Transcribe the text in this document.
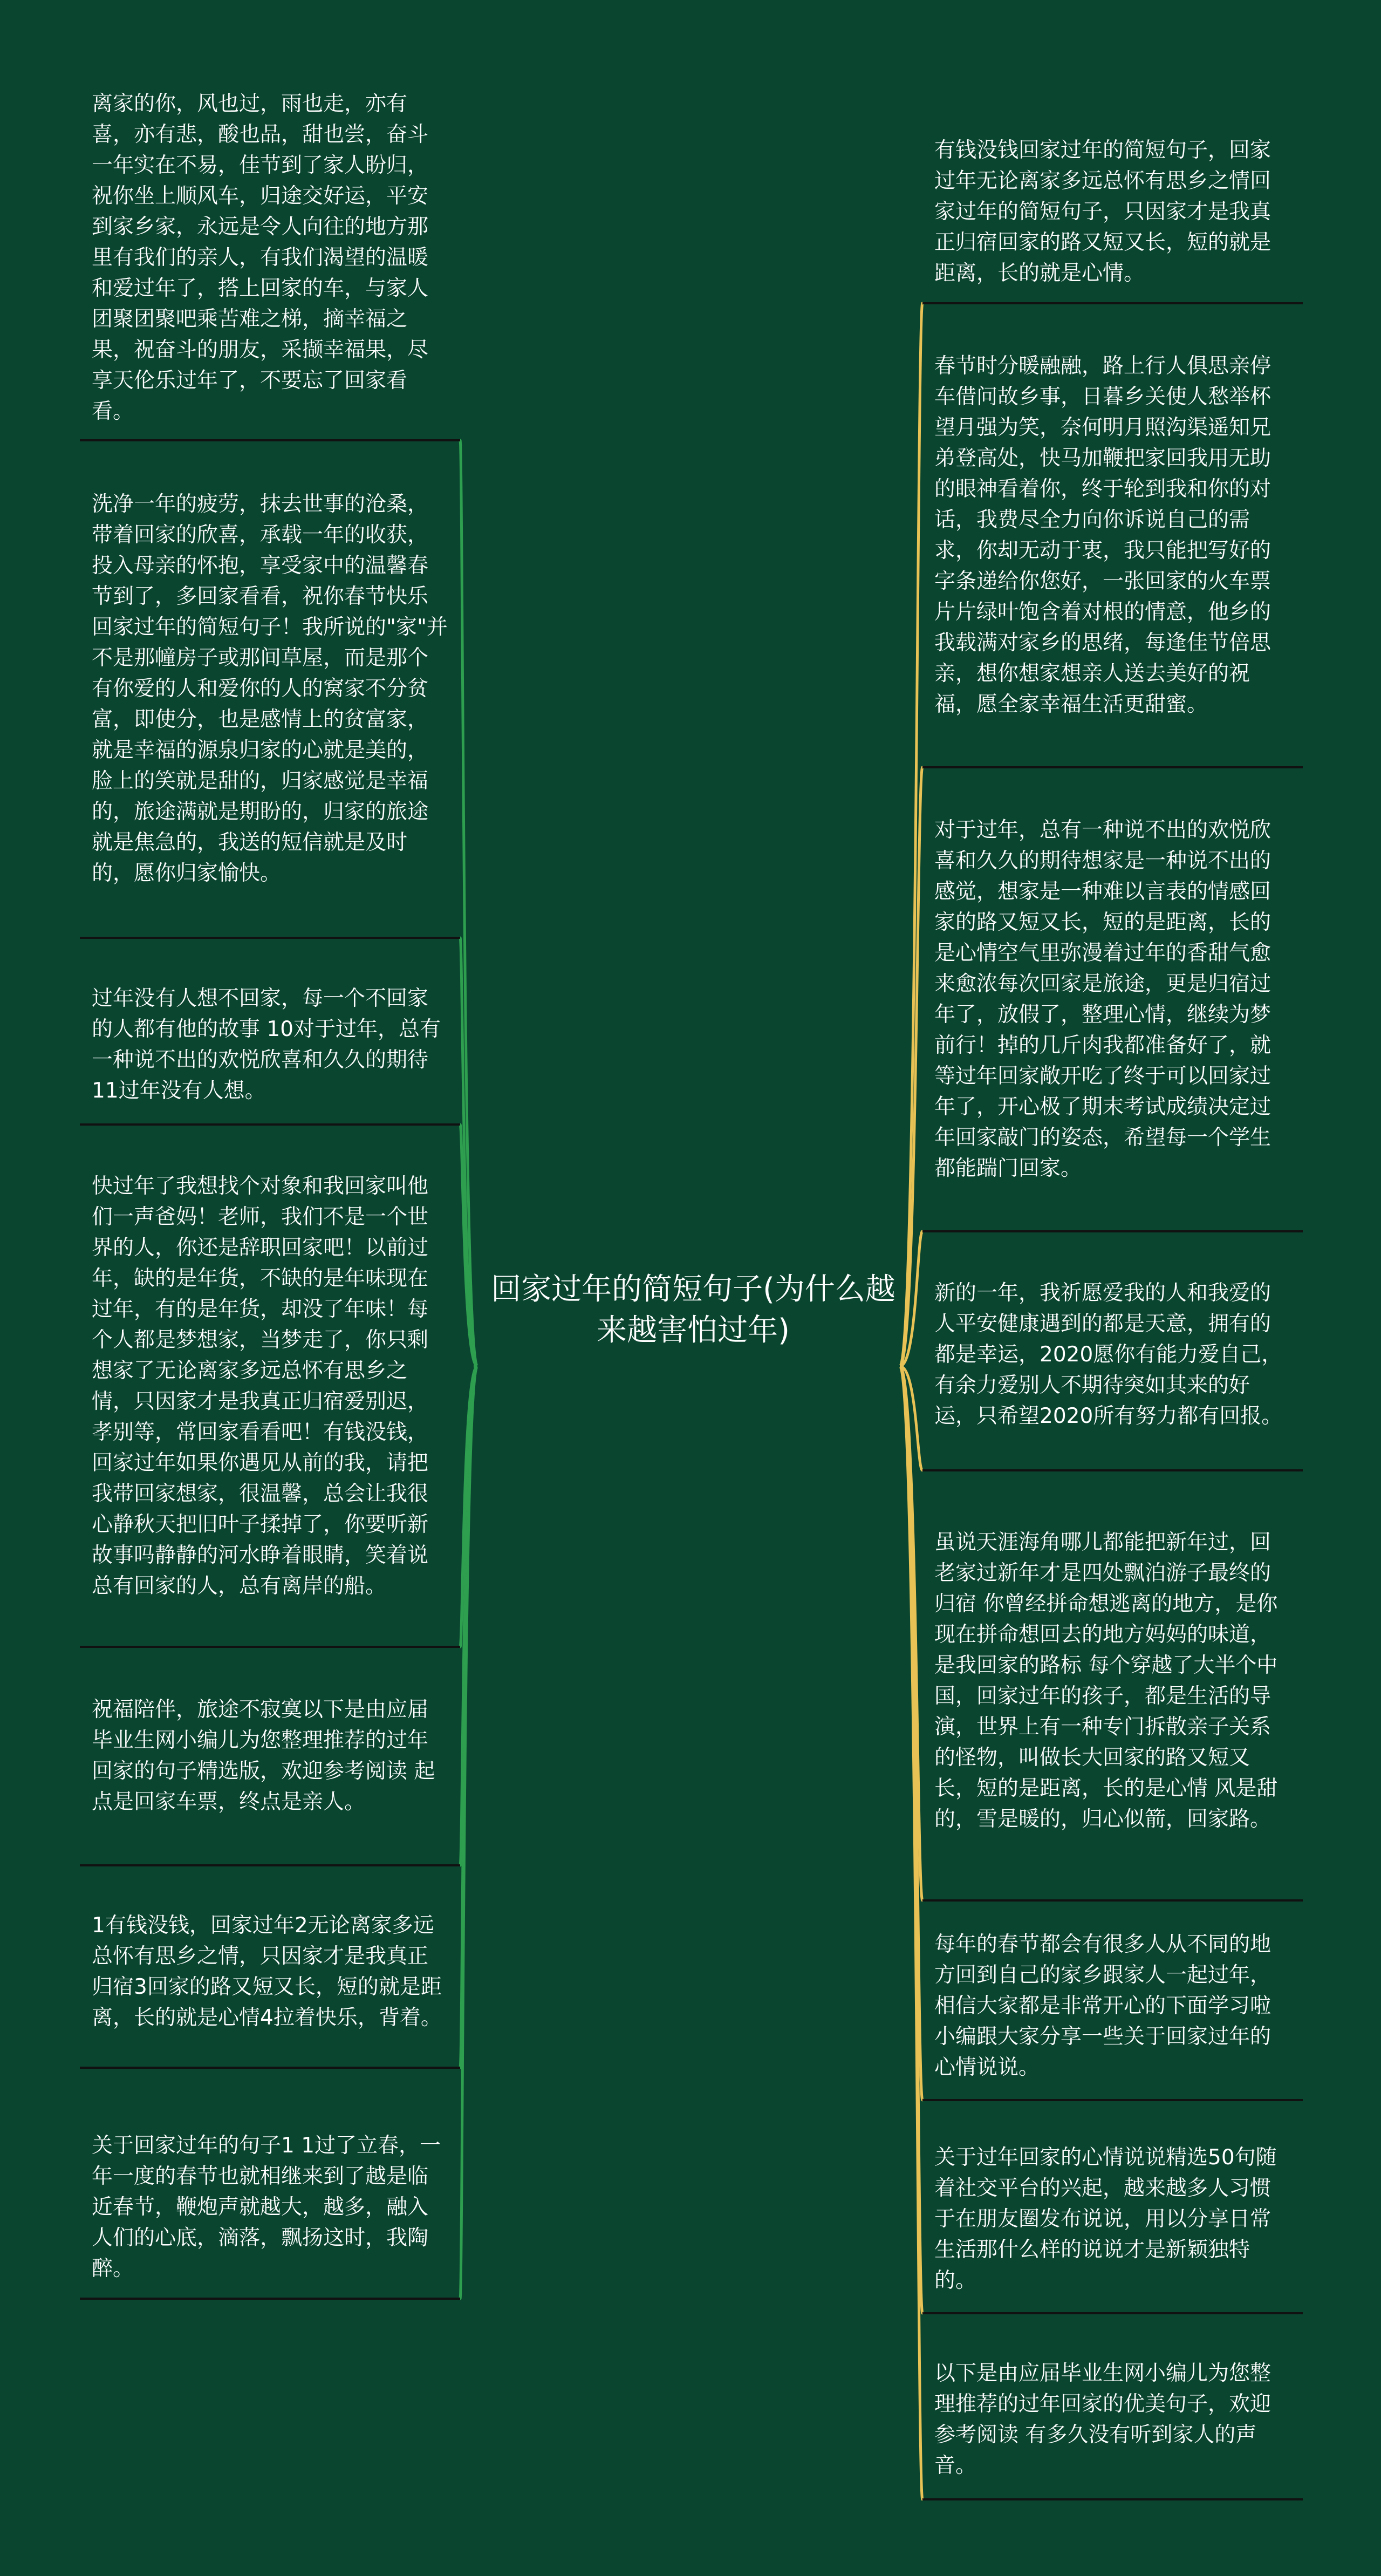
回家过年的简短句子(为什么越来越害怕过年)
离家的你，风也过，雨也走，亦有喜，亦有悲，酸也品，甜也尝，奋斗一年实在不易，佳节到了家人盼归，祝你坐上顺风车，归途交好运，平安到家乡家，永远是令人向往的地方那里有我们的亲人，有我们渴望的温暖和爱过年了，搭上回家的车，与家人团聚团聚吧乘苦难之梯，摘幸福之果，祝奋斗的朋友，采撷幸福果，尽享天伦乐过年了，不要忘了回家看看。
洗净一年的疲劳，抹去世事的沧桑，带着回家的欣喜，承载一年的收获，投入母亲的怀抱，享受家中的温馨春节到了，多回家看看，祝你春节快乐回家过年的简短句子！我所说的"家"并不是那幢房子或那间草屋，而是那个有你爱的人和爱你的人的窝家不分贫富，即使分，也是感情上的贫富家，就是幸福的源泉归家的心就是美的，脸上的笑就是甜的，归家感觉是幸福的，旅途满就是期盼的，归家的旅途就是焦急的，我送的短信就是及时的，愿你归家愉快。
过年没有人想不回家，每一个不回家的人都有他的故事 10对于过年，总有一种说不出的欢悦欣喜和久久的期待 11过年没有人想。
快过年了我想找个对象和我回家叫他们一声爸妈！老师，我们不是一个世界的人，你还是辞职回家吧！以前过年，缺的是年货，不缺的是年味现在过年，有的是年货，却没了年味！每个人都是梦想家，当梦走了，你只剩想家了无论离家多远总怀有思乡之情，只因家才是我真正归宿爱别迟，孝别等，常回家看看吧！有钱没钱，回家过年如果你遇见从前的我，请把我带回家想家，很温馨，总会让我很心静秋天把旧叶子揉掉了，你要听新故事吗静静的河水睁着眼睛，笑着说总有回家的人，总有离岸的船。
祝福陪伴，旅途不寂寞以下是由应届毕业生网小编儿为您整理推荐的过年回家的句子精选版，欢迎参考阅读 起点是回家车票，终点是亲人。
1有钱没钱，回家过年2无论离家多远总怀有思乡之情，只因家才是我真正归宿3回家的路又短又长，短的就是距离，长的就是心情4拉着快乐，背着。
关于回家过年的句子1 1过了立春，一年一度的春节也就相继来到了越是临近春节，鞭炮声就越大，越多，融入人们的心底，滴落，飘扬这时，我陶醉。
有钱没钱回家过年的简短句子，回家过年无论离家多远总怀有思乡之情回家过年的简短句子，只因家才是我真正归宿回家的路又短又长，短的就是距离，长的就是心情。
春节时分暖融融，路上行人俱思亲停车借问故乡事，日暮乡关使人愁举杯望月强为笑，奈何明月照沟渠遥知兄弟登高处，快马加鞭把家回我用无助的眼神看着你，终于轮到我和你的对话，我费尽全力向你诉说自己的需求，你却无动于衷，我只能把写好的字条递给你您好，一张回家的火车票片片绿叶饱含着对根的情意，他乡的我载满对家乡的思绪，每逢佳节倍思亲，想你想家想亲人送去美好的祝福，愿全家幸福生活更甜蜜。
对于过年，总有一种说不出的欢悦欣喜和久久的期待想家是一种说不出的感觉，想家是一种难以言表的情感回家的路又短又长，短的是距离，长的是心情空气里弥漫着过年的香甜气愈来愈浓每次回家是旅途，更是归宿过年了，放假了，整理心情，继续为梦前行！掉的几斤肉我都准备好了，就等过年回家敞开吃了终于可以回家过年了，开心极了期末考试成绩决定过年回家敲门的姿态，希望每一个学生都能踹门回家。
新的一年，我祈愿爱我的人和我爱的人平安健康遇到的都是天意，拥有的都是幸运，2020愿你有能力爱自己，有余力爱别人不期待突如其来的好运，只希望2020所有努力都有回报。
虽说天涯海角哪儿都能把新年过，回老家过新年才是四处飘泊游子最终的归宿 你曾经拼命想逃离的地方，是你现在拼命想回去的地方妈妈的味道，是我回家的路标 每个穿越了大半个中国，回家过年的孩子，都是生活的导演，世界上有一种专门拆散亲子关系的怪物，叫做长大回家的路又短又长，短的是距离，长的是心情 风是甜的，雪是暖的，归心似箭，回家路。
每年的春节都会有很多人从不同的地方回到自己的家乡跟家人一起过年，相信大家都是非常开心的下面学习啦小编跟大家分享一些关于回家过年的心情说说。
关于过年回家的心情说说精选50句随着社交平台的兴起，越来越多人习惯于在朋友圈发布说说，用以分享日常生活那什么样的说说才是新颖独特的。
以下是由应届毕业生网小编儿为您整理推荐的过年回家的优美句子，欢迎参考阅读 有多久没有听到家人的声音。
